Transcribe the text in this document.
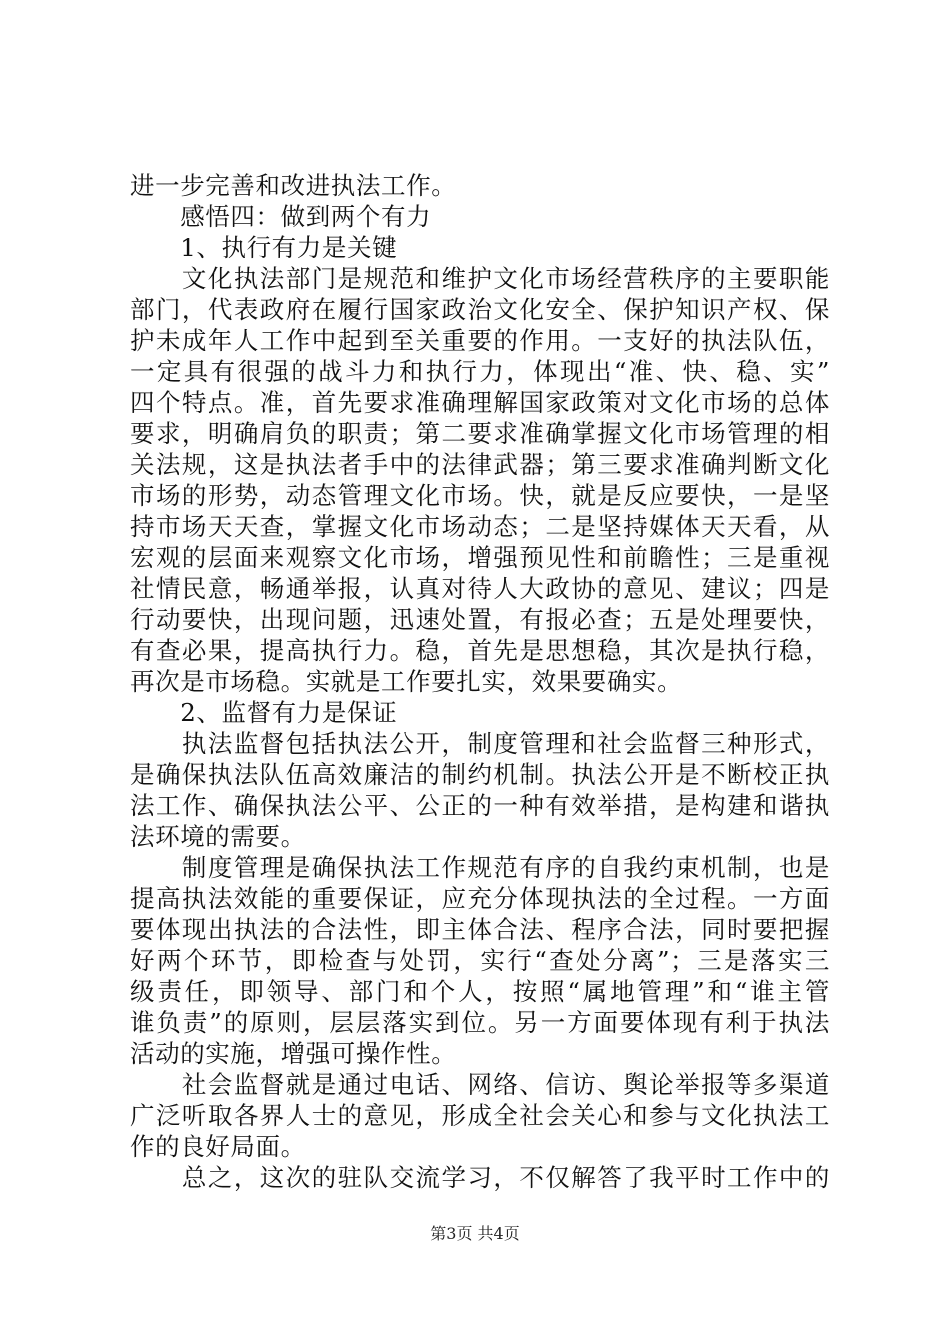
进一步完善和改进执法工作。
　　感悟四：做到两个有力
　　1、执行有力是关键
　　文化执法部门是规范和维护文化市场经营秩序的主要职能
部门，代表政府在履行国家政治文化安全、保护知识产权、保
护未成年人工作中起到至关重要的作用。一支好的执法队伍，
一定具有很强的战斗力和执行力，体现出“准、快、稳、实”
四个特点。准，首先要求准确理解国家政策对文化市场的总体
要求，明确肩负的职责；第二要求准确掌握文化市场管理的相
关法规，这是执法者手中的法律武器；第三要求准确判断文化
市场的形势，动态管理文化市场。快，就是反应要快，一是坚
持市场天天查，掌握文化市场动态；二是坚持媒体天天看，从
宏观的层面来观察文化市场，增强预见性和前瞻性；三是重视
社情民意，畅通举报，认真对待人大政协的意见、建议；四是
行动要快，出现问题，迅速处置，有报必查；五是处理要快，
有查必果，提高执行力。稳，首先是思想稳，其次是执行稳，
再次是市场稳。实就是工作要扎实，效果要确实。
　　2、监督有力是保证
　　执法监督包括执法公开，制度管理和社会监督三种形式，
是确保执法队伍高效廉洁的制约机制。执法公开是不断校正执
法工作、确保执法公平、公正的一种有效举措，是构建和谐执
法环境的需要。
　　制度管理是确保执法工作规范有序的自我约束机制，也是
提高执法效能的重要保证，应充分体现执法的全过程。一方面
要体现出执法的合法性，即主体合法、程序合法，同时要把握
好两个环节，即检查与处罚，实行“查处分离”；三是落实三
级责任，即领导、部门和个人，按照“属地管理”和“谁主管
谁负责”的原则，层层落实到位。另一方面要体现有利于执法
活动的实施，增强可操作性。
　　社会监督就是通过电话、网络、信访、舆论举报等多渠道
广泛听取各界人士的意见，形成全社会关心和参与文化执法工
作的良好局面。
　　总之，这次的驻队交流学习，不仅解答了我平时工作中的
第3页 共4页
